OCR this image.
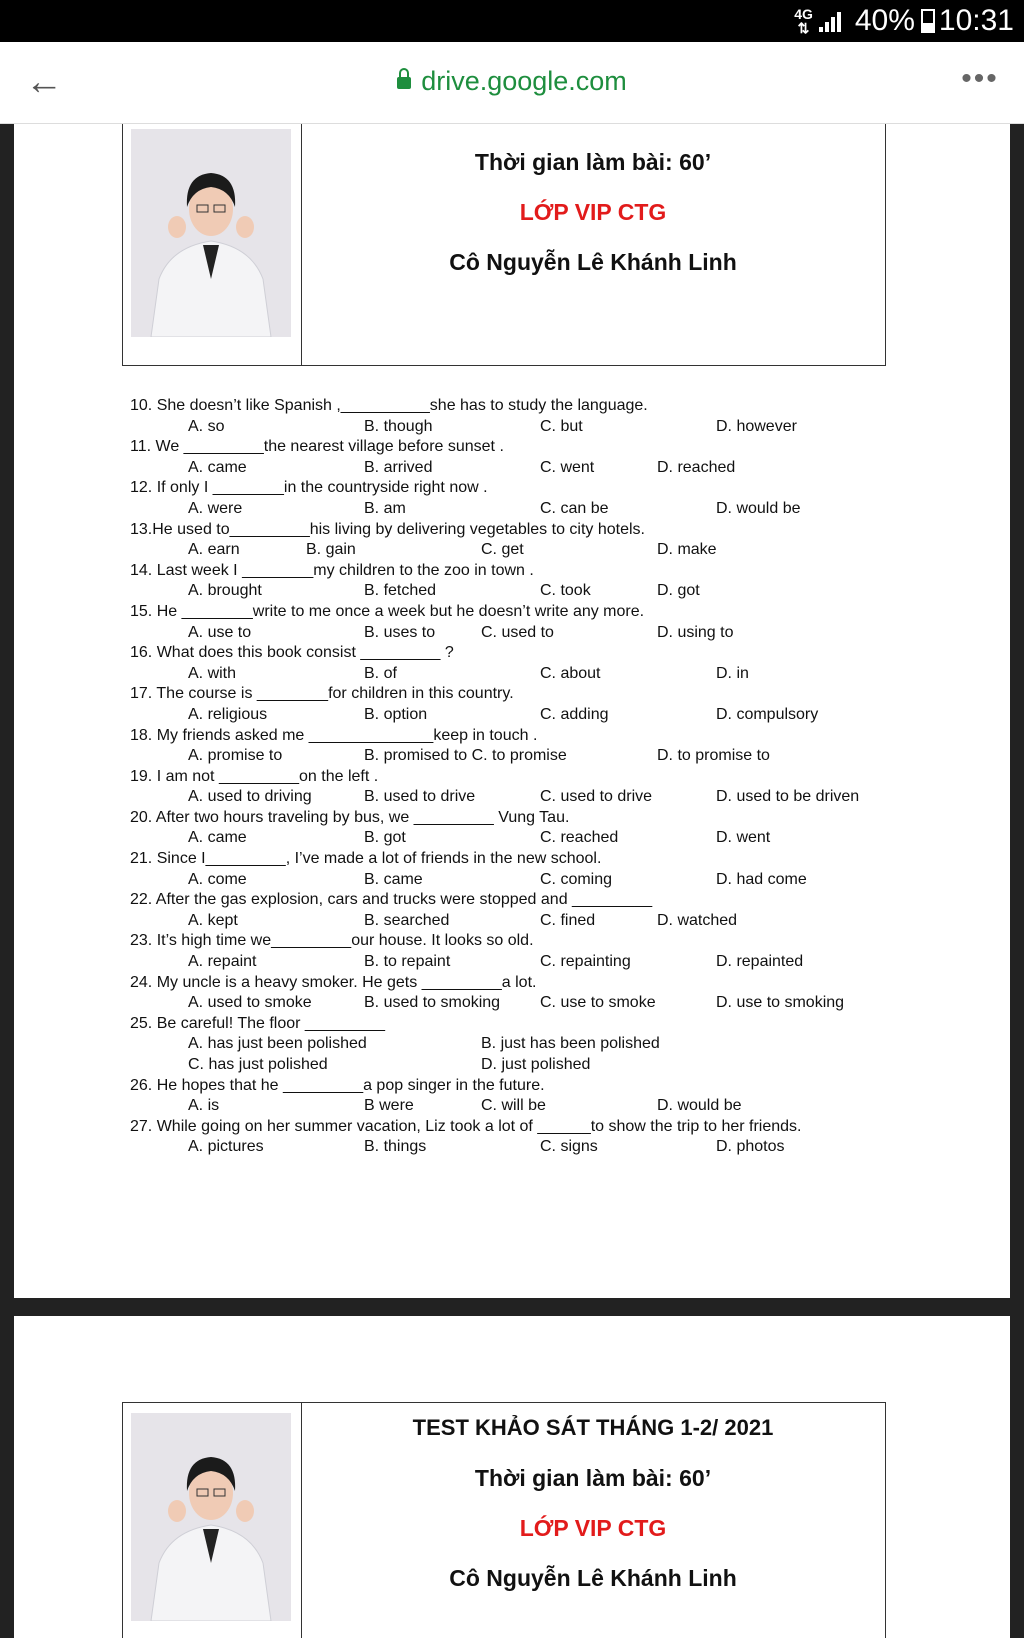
4G
⇅ 40% 10:31
←	drive.google.com	•••
Thời gian làm bài: 60’
LỚP VIP CTG
Cô Nguyễn Lê Khánh Linh
10. She doesn’t like Spanish ,__________she has to study the language.
A. so	B. though	C. but	D. however
11. We _________the nearest village before sunset .
A. came	B. arrived	C. went	D. reached
12. If only I ________in the countryside right now .
A. were	B. am	C. can be	D. would be
13.He used to_________his living by delivering vegetables to city hotels.
A. earn	B. gain	C. get	D. make
14. Last week I ________my children to the zoo in town .
A. brought	B. fetched	C. took	D. got
15. He ________write to me once a week but he doesn’t write any more.
A. use to	B. uses to	C. used to	D. using to
16. What does this book consist _________ ?
A. with	B. of	C. about	D. in
17. The course is ________for children in this country.
A. religious	B. option	C. adding	D. compulsory
18. My friends asked me ______________keep in touch .
A. promise to	B. promised to C. to promise	D. to promise to
19. I am not _________on the left .
A. used to driving	B. used to drive	C. used to drive	D. used to be driven
20. After two hours traveling by bus, we _________ Vung Tau.
A. came	B. got	C. reached	D. went
21. Since I_________, I’ve made a lot of friends in the new school.
A. come	B. came	C. coming	D. had come
22. After the gas explosion, cars and trucks were stopped and _________
A. kept	B. searched	C. fined	D. watched
23. It’s high time we_________our house. It looks so old.
A. repaint	B. to repaint	C. repainting	D. repainted
24. My uncle is a heavy smoker. He gets _________a lot.
A. used to smoke	B. used to smoking C. use to smoke	D. use to smoking
25. Be careful! The floor _________
A. has just been polished	B. just has been polished
C. has just polished	D. just polished
26. He hopes that he _________a pop singer in the future.
A. is	B were	C. will be	D. would be
27. While going on her summer vacation, Liz took a lot of ______to show the trip to her friends.
A. pictures	B. things	C. signs	D. photos
TEST KHẢO SÁT THÁNG 1-2/ 2021
Thời gian làm bài: 60’
LỚP VIP CTG
Cô Nguyễn Lê Khánh Linh
